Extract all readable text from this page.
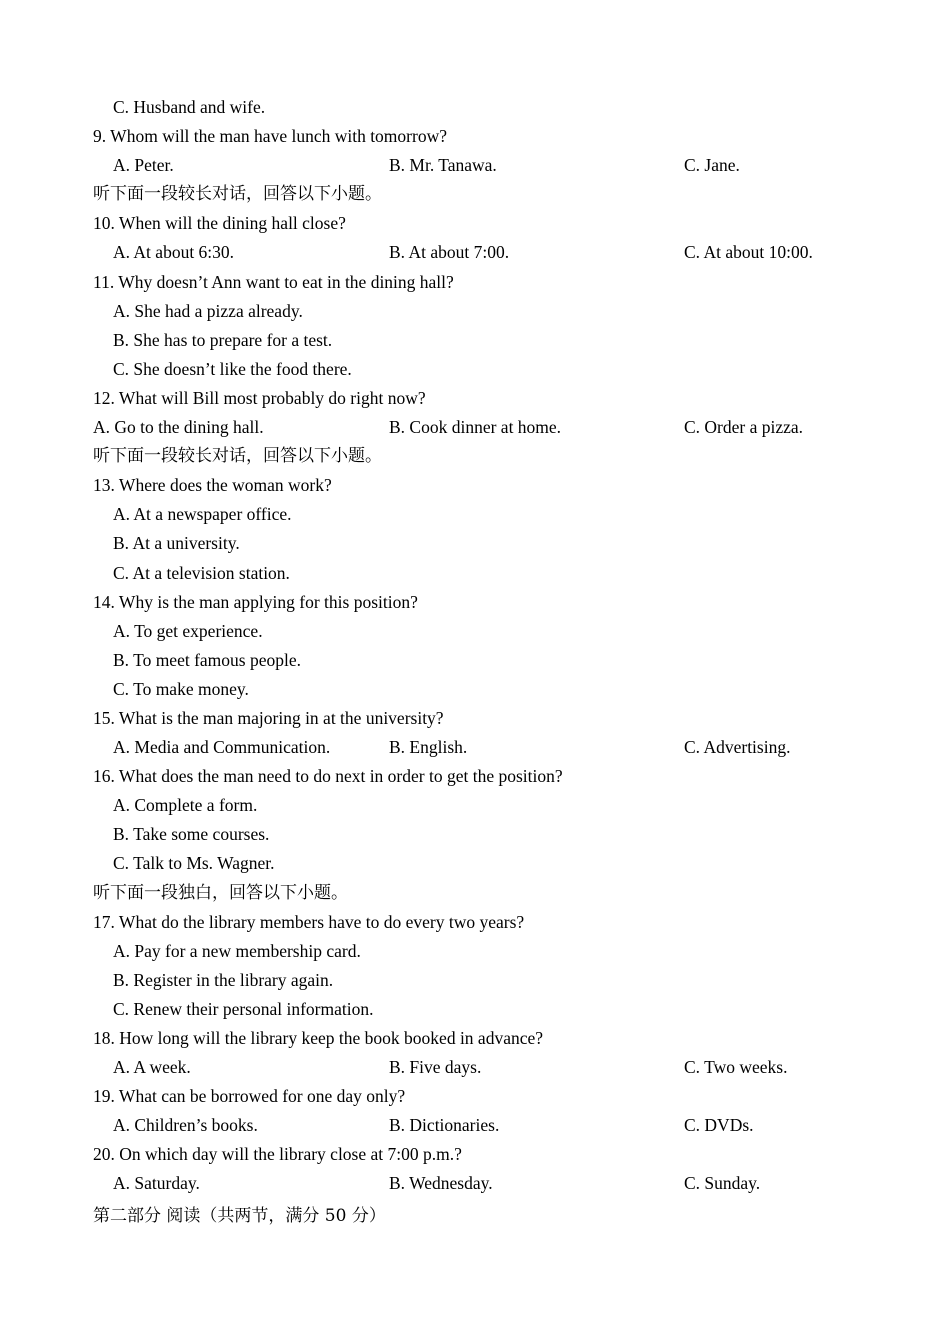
C. Husband and wife.
9. Whom will the man have lunch with tomorrow?
A. Peter.	B. Mr. Tanawa.	C. Jane.
听下面一段较长对话，回答以下小题。
10. When will the dining hall close?
A. At about 6:30.	B. At about 7:00.	C. At about 10:00.
11. Why doesn’t Ann want to eat in the dining hall?
A. She had a pizza already.
B. She has to prepare for a test.
C. She doesn’t like the food there.
12. What will Bill most probably do right now?
A. Go to the dining hall.	B. Cook dinner at home.	C. Order a pizza.
听下面一段较长对话，回答以下小题。
13. Where does the woman work?
A. At a newspaper office.
B. At a university.
C. At a television station.
14. Why is the man applying for this position?
A. To get experience.
B. To meet famous people.
C. To make money.
15. What is the man majoring in at the university?
A. Media and Communication.	B. English.	C. Advertising.
16. What does the man need to do next in order to get the position?
A. Complete a form.
B. Take some courses.
C. Talk to Ms. Wagner.
听下面一段独白，回答以下小题。
17. What do the library members have to do every two years?
A. Pay for a new membership card.
B. Register in the library again.
C. Renew their personal information.
18. How long will the library keep the book booked in advance?
A. A week.	B. Five days.	C. Two weeks.
19. What can be borrowed for one day only?
A. Children’s books.	B. Dictionaries.	C. DVDs.
20. On which day will the library close at 7:00 p.m.?
A. Saturday.	B. Wednesday.	C. Sunday.
第二部分 阅读（共两节，满分 50 分）
